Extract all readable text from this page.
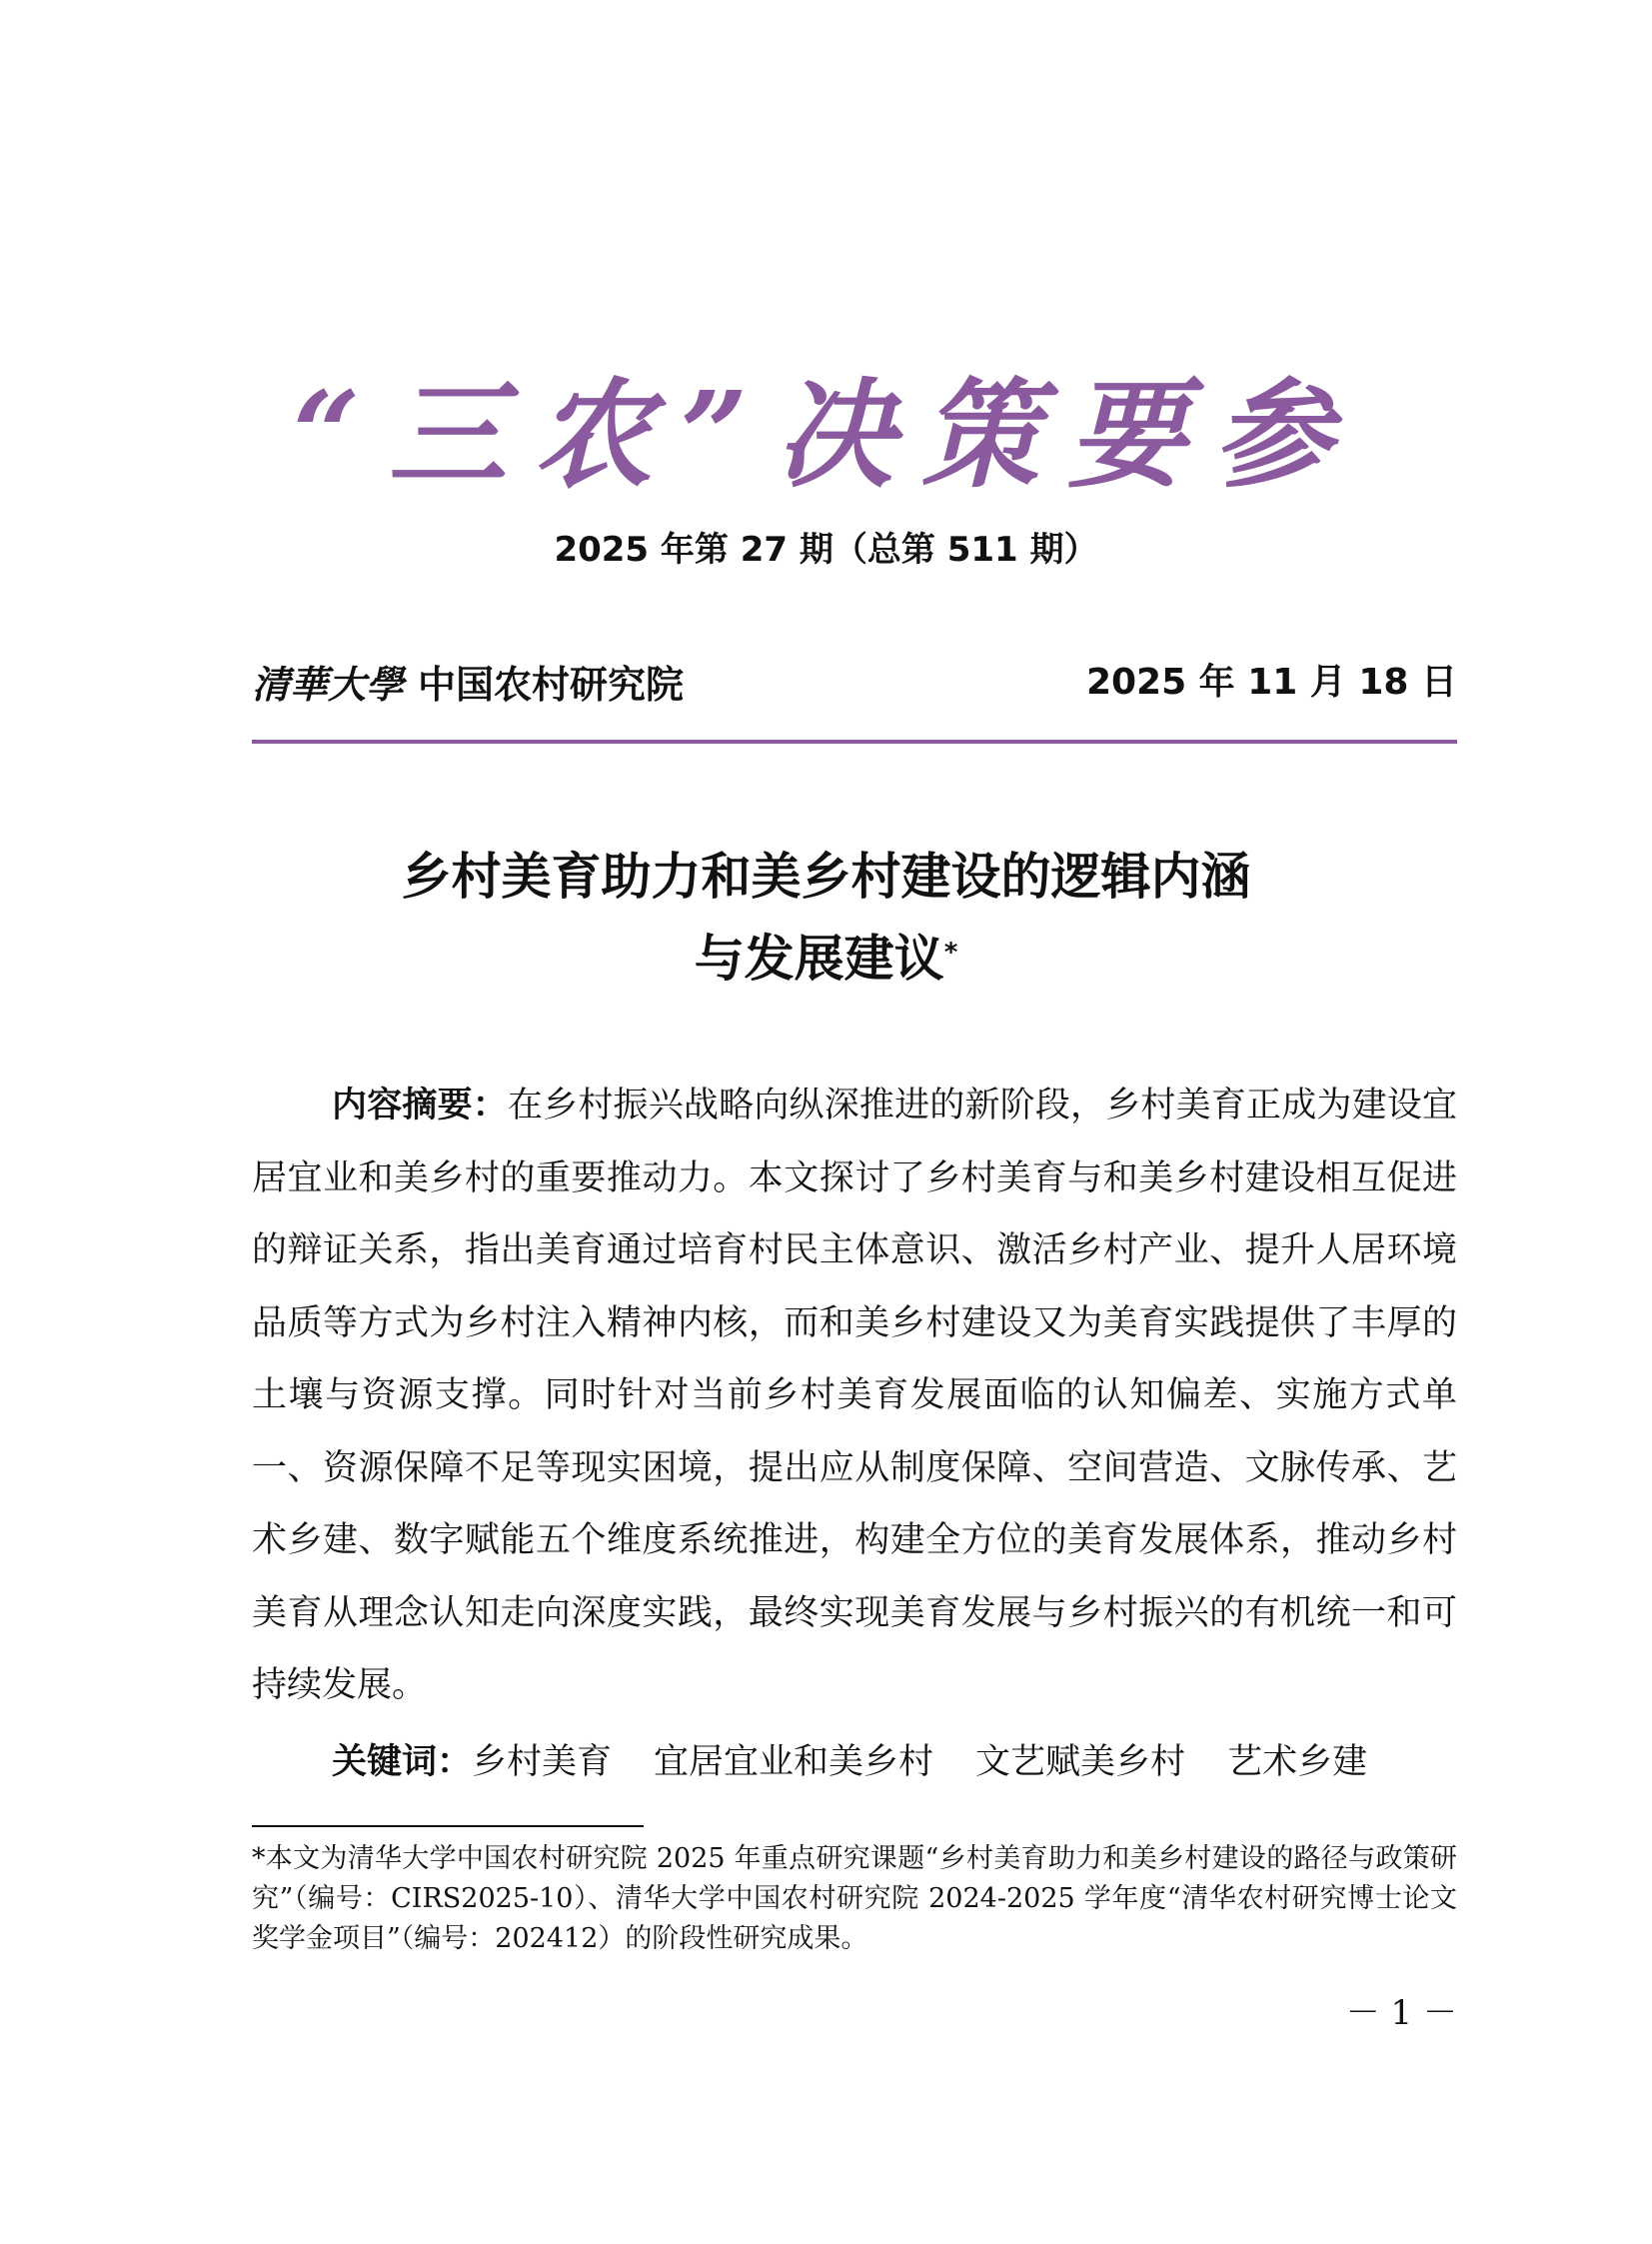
“三农”决策要参
2025 年第 27 期（总第 511 期）
清華大學 中国农村研究院	2025 年 11 月 18 日
乡村美育助力和美乡村建设的逻辑内涵
与发展建议*

内容摘要：在乡村振兴战略向纵深推进的新阶段，乡村美育正成为建设宜居宜业和美乡村的重要推动力。本文探讨了乡村美育与和美乡村建设相互促进的辩证关系，指出美育通过培育村民主体意识、激活乡村产业、提升人居环境品质等方式为乡村注入精神内核，而和美乡村建设又为美育实践提供了丰厚的土壤与资源支撑。同时针对当前乡村美育发展面临的认知偏差、实施方式单一、资源保障不足等现实困境，提出应从制度保障、空间营造、文脉传承、艺术乡建、数字赋能五个维度系统推进，构建全方位的美育发展体系，推动乡村美育从理念认知走向深度实践，最终实现美育发展与乡村振兴的有机统一和可持续发展。

关键词：乡村美育 宜居宜业和美乡村 文艺赋美乡村 艺术乡建

*本文为清华大学中国农村研究院 2025 年重点研究课题“乡村美育助力和美乡村建设的路径与政策研究”（编号：CIRS2025-10）、清华大学中国农村研究院 2024-2025 学年度“清华农村研究博士论文奖学金项目”（编号：202412）的阶段性研究成果。

－ 1 －
